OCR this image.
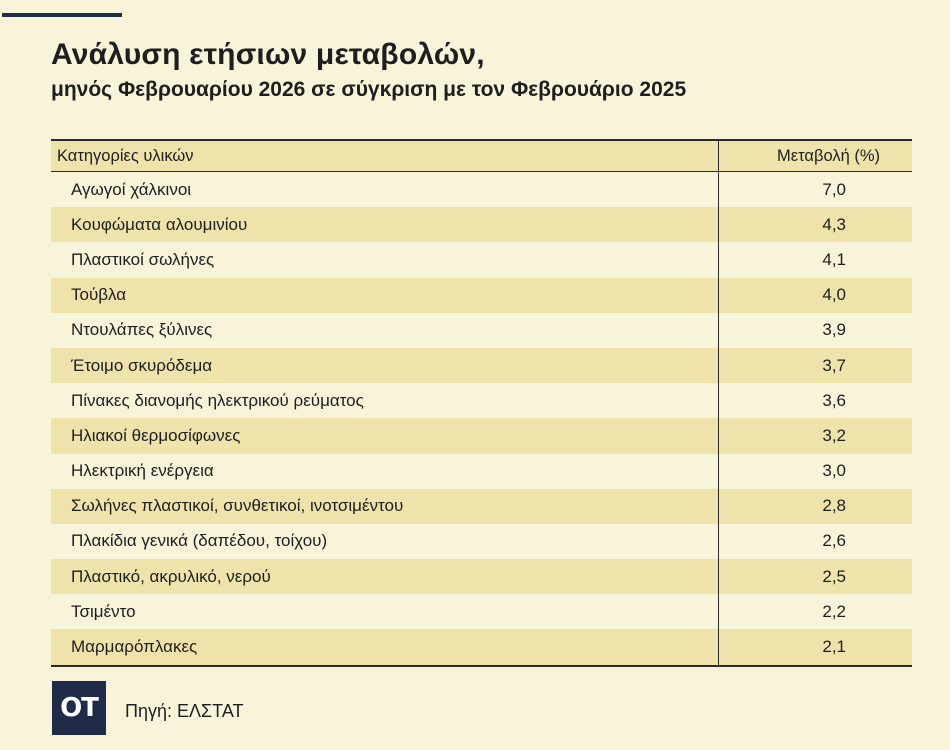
Ανάλυση ετήσιων μεταβολών,
μηνός Φεβρουαρίου 2026 σε σύγκριση με τον Φεβρουάριο 2025
Κατηγορίες υλικών	Μεταβολή (%)
Αγωγοί χάλκινοι	7,0
Κουφώματα αλουμινίου	4,3
Πλαστικοί σωλήνες	4,1
Τούβλα	4,0
Ντουλάπες ξύλινες	3,9
Έτοιμο σκυρόδεμα	3,7
Πίνακες διανομής ηλεκτρικού ρεύματος	3,6
Ηλιακοί θερμοσίφωνες	3,2
Ηλεκτρική ενέργεια	3,0
Σωλήνες πλαστικοί, συνθετικοί, ινοτσιμέντου	2,8
Πλακίδια γενικά (δαπέδου, τοίχου)	2,6
Πλαστικό, ακρυλικό, νερού	2,5
Τσιμέντο	2,2
Μαρμαρόπλακες	2,1
ΟΤ	Πηγή: ΕΛΣΤΑΤ
